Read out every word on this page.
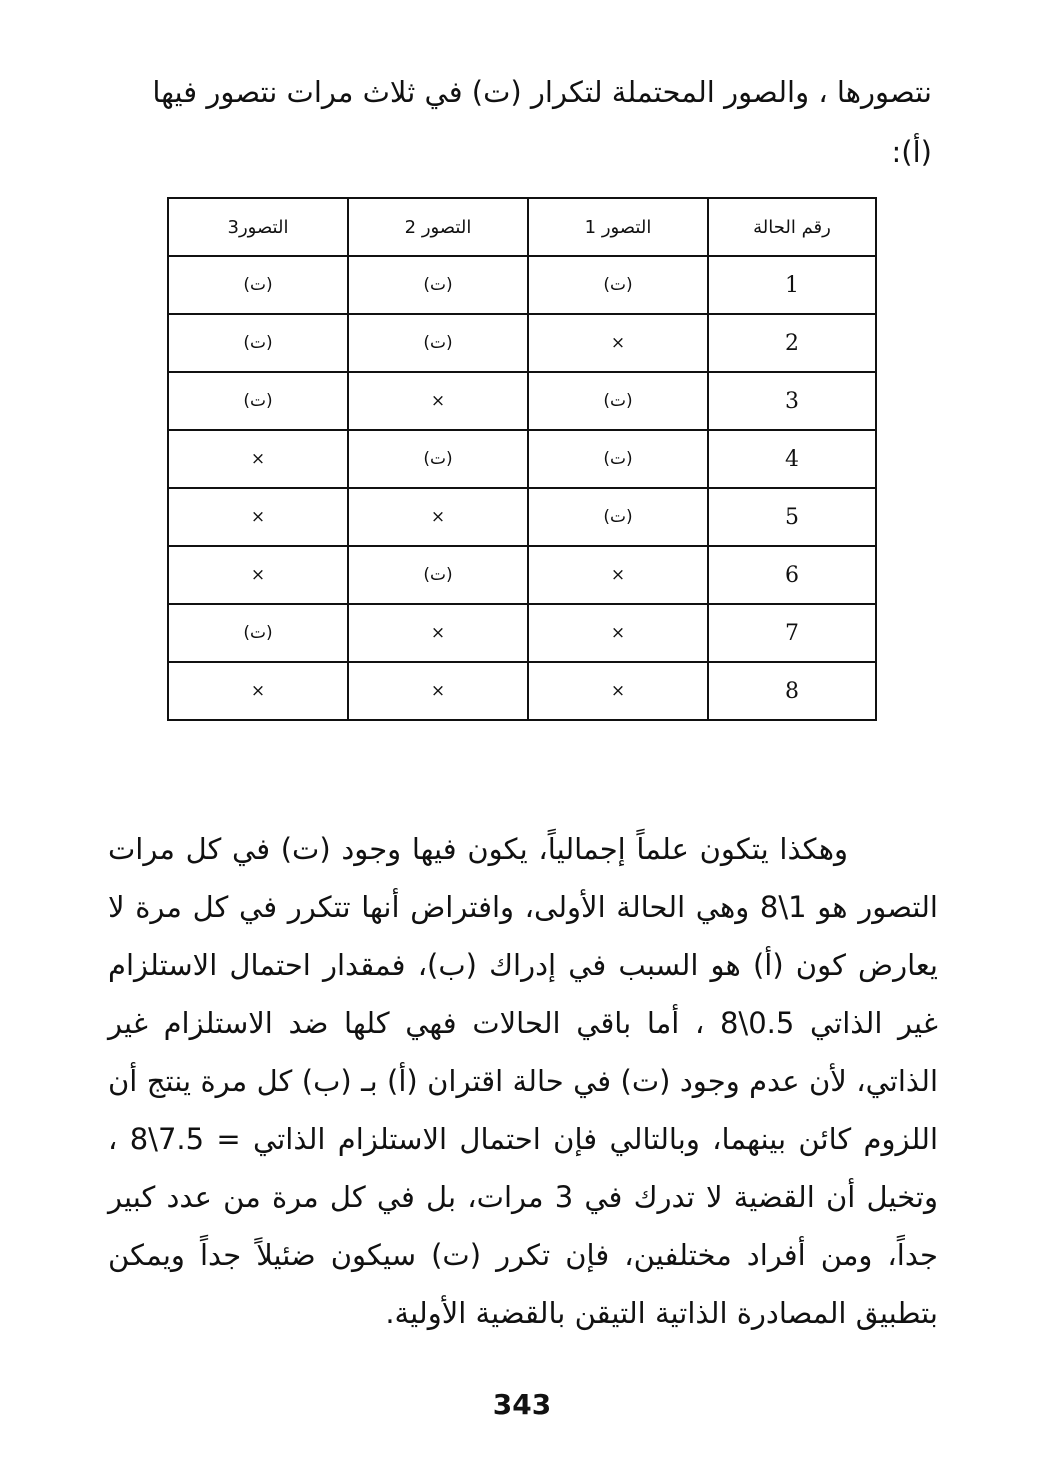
نتصورها ، والصور المحتملة لتكرار (ت) في ثلاث مرات نتصور فيها
(أ):

رقم الحالة	التصور 1	التصور 2	التصور3
1	(ت)	(ت)	(ت)
2	×	(ت)	(ت)
3	(ت)	×	(ت)
4	(ت)	(ت)	×
5	(ت)	×	×
6	×	(ت)	×
7	×	×	(ت)
8	×	×	×

وهكذا يتكون علماً إجمالياً، يكون فيها وجود (ت) في كل مرات التصور هو 1\8 وهي الحالة الأولى، وافتراض أنها تتكرر في كل مرة لا يعارض كون (أ) هو السبب في إدراك (ب)، فمقدار احتمال الاستلزام غير الذاتي 0.5\8 ، أما باقي الحالات فهي كلها ضد الاستلزام غير الذاتي، لأن عدم وجود (ت) في حالة اقتران (أ) بـ (ب) كل مرة ينتج أن اللزوم كائن بينهما، وبالتالي فإن احتمال الاستلزام الذاتي = 7.5\8 ، وتخيل أن القضية لا تدرك في 3 مرات، بل في كل مرة من عدد كبير جداً، ومن أفراد مختلفين، فإن تكرر (ت) سيكون ضئيلاً جداً ويمكن بتطبيق المصادرة الذاتية التيقن بالقضية الأولية.

343
